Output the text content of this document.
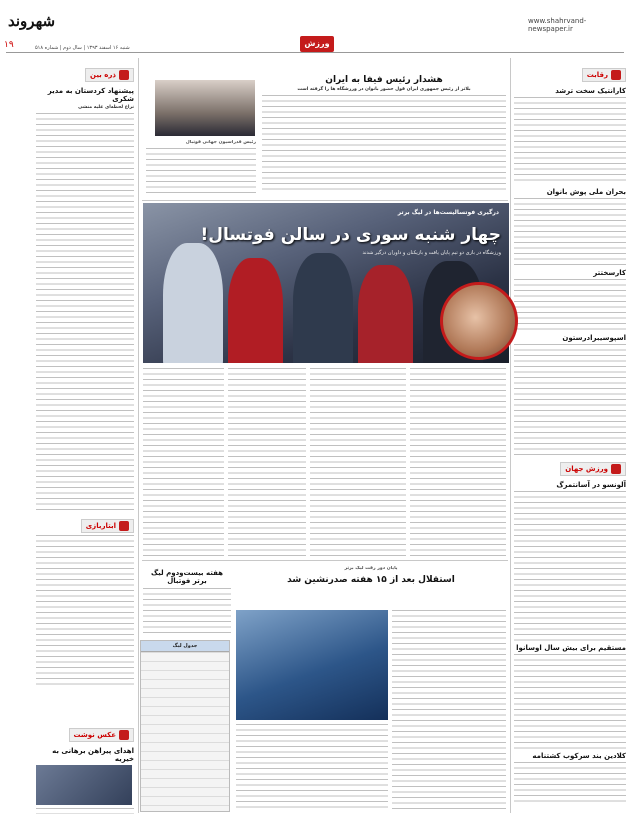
www.shahrvand-newspaper.ir
شهروند
۱۹	شنبه ۱۶ اسفند ۱۳۹۳ | سال دوم | شماره ۵۱۸	ورزش
رقابت
کارانتیک سخت ترشد
بحران ملی پوش بانوان
کارسختتر
اسپوسیبرادرستون
ورزش جهان
آلونسو در آسانتمرگ
مستقیم برای بیش سال اوسانوا
کلادین بند سرکوب کشتنامه
ذره بین
پیشنهاد کردستان به مدیر شکری
نزاع لحظه‌ای علیه منشی
ابتاربازی
عکس نوشت
اهدای پیراهن برهانی به خیریه
هشدار رئیس فیفا به ایران
بلاتر از رئیس جمهوری ایران قول حضور بانوان در ورزشگاه ها را گرفته است
رئیس فدراسیون جهانی فوتبال
درگیری فوتسالیست‌ها در لیگ برتر
چهار شنبه سوری در سالن فوتسال!
ورزشگاه در بازی دو تیم پایان یافت و بازیکنان و داوران درگیر شدند
پایان دور رفت لیگ برتر
استقلال بعد از ۱۵ هفته صدرنشین شد
هفته بیست‌و‌دوم لیگ برتر فوتبال
جدول لیگ
